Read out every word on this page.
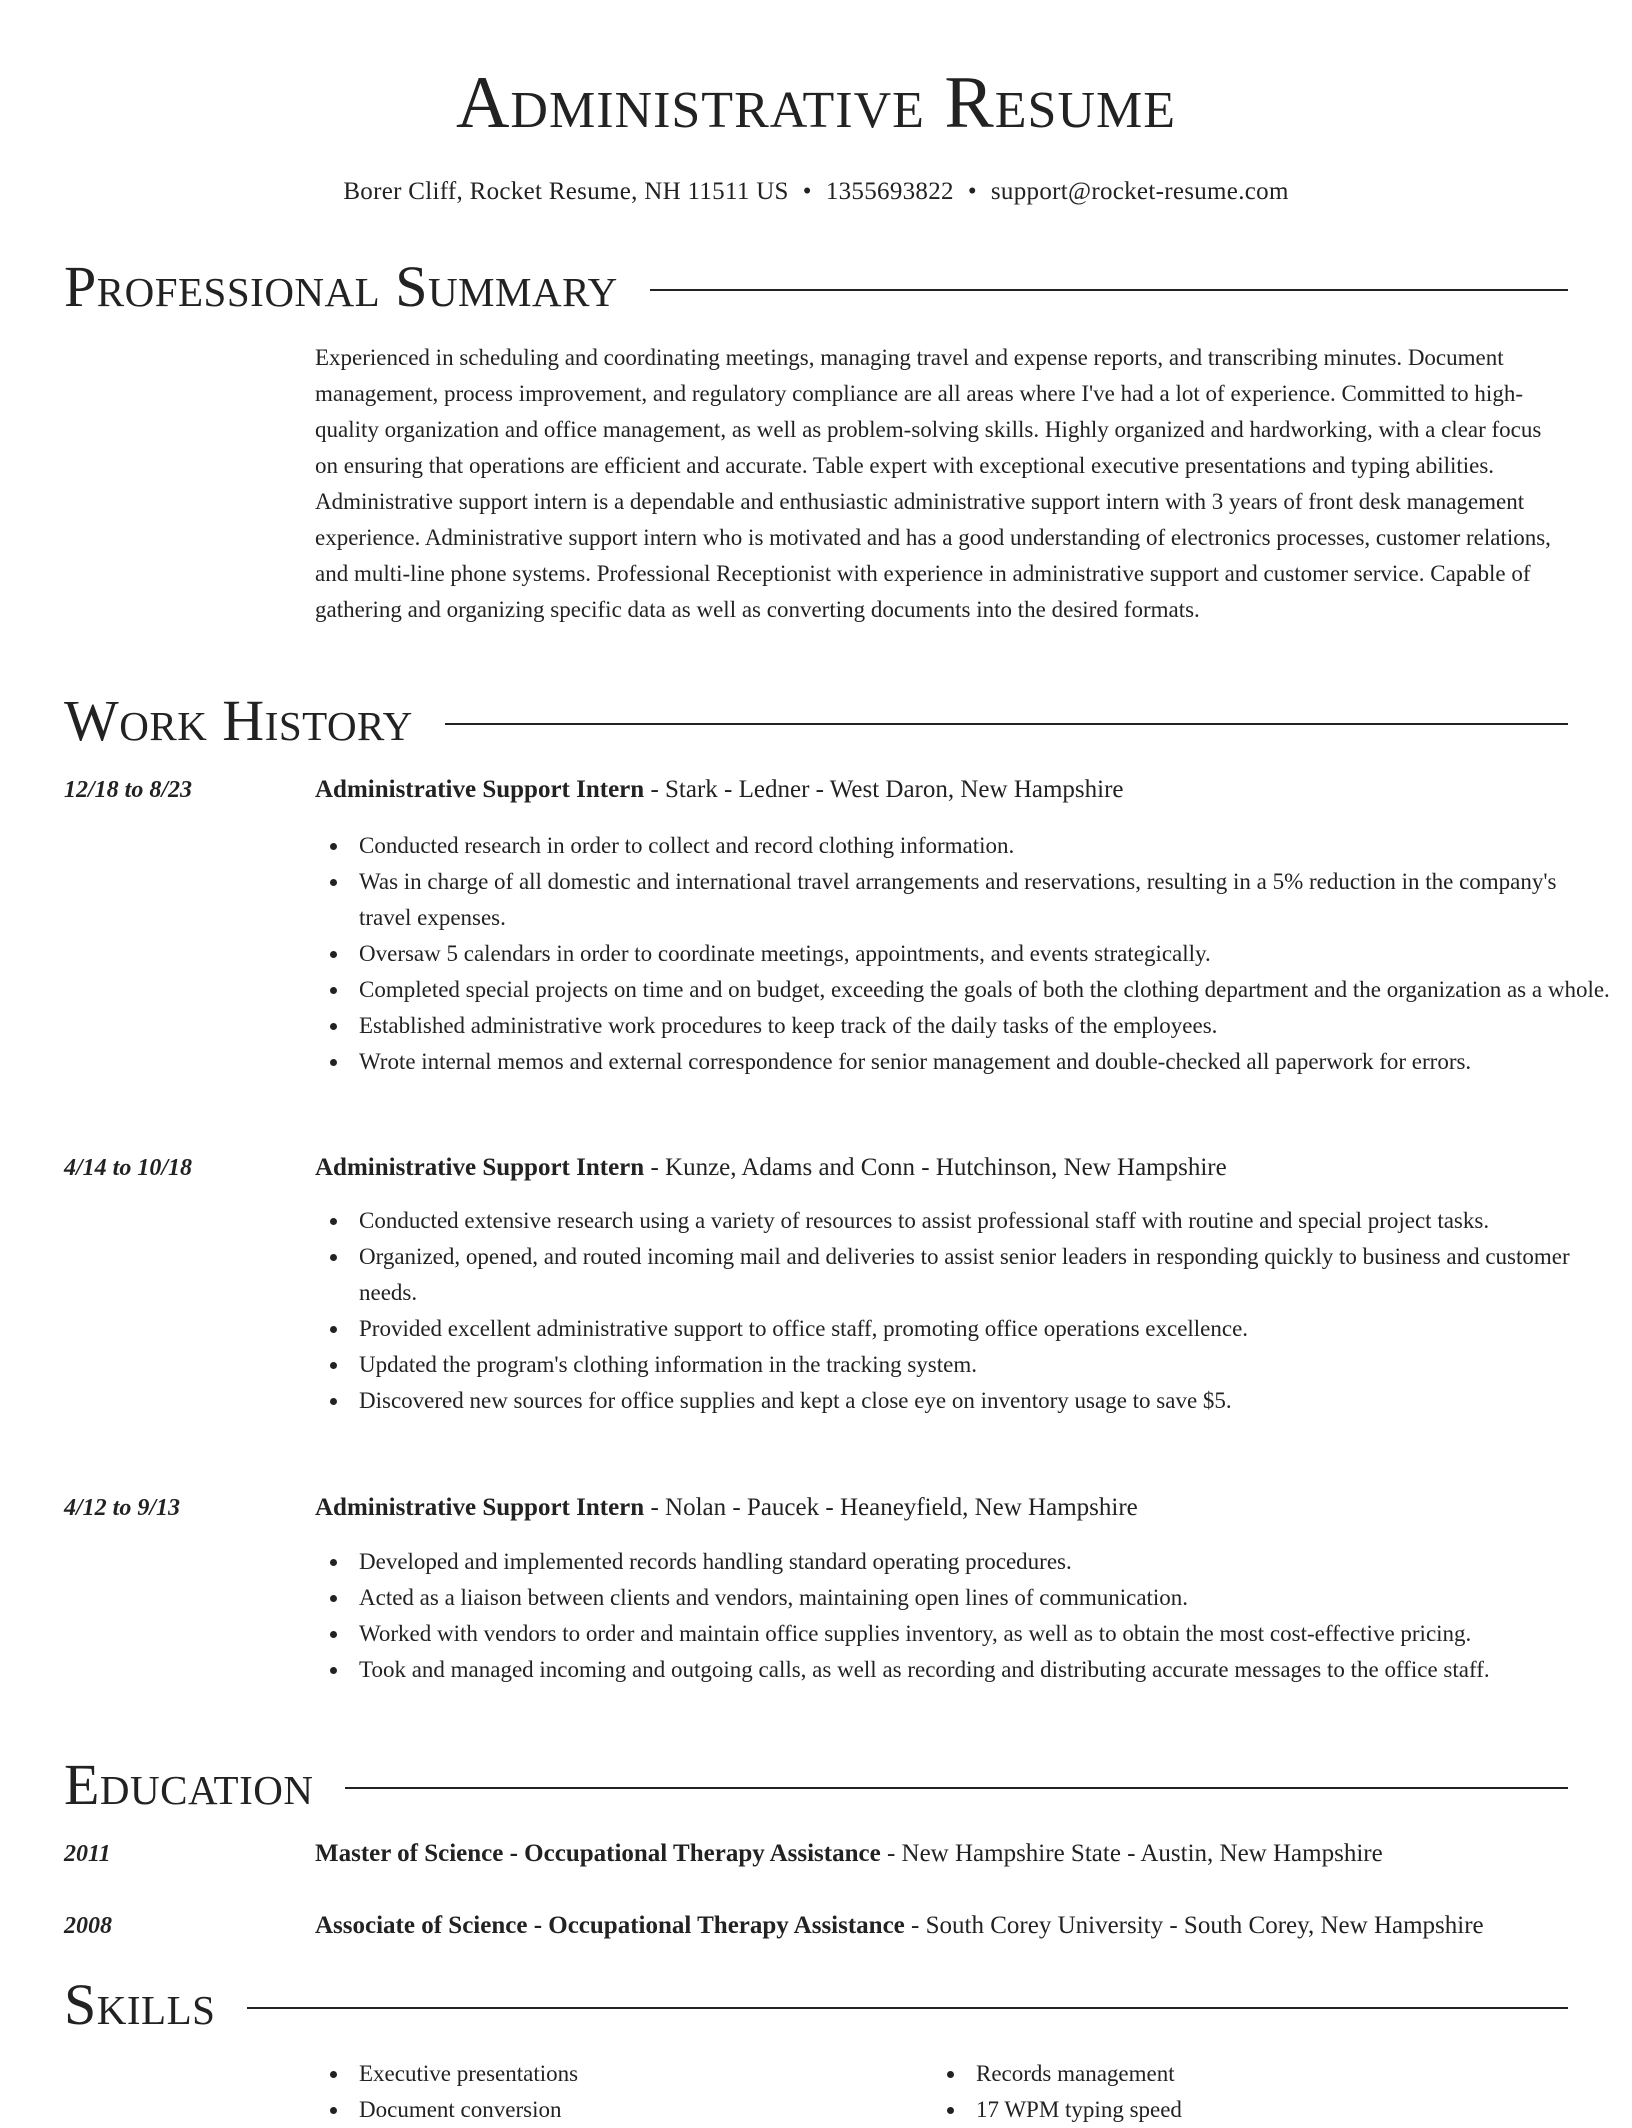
Administrative Resume
Borer Cliff, Rocket Resume, NH 11511 US • 1355693822 • support@rocket-resume.com
Professional Summary

Experienced in scheduling and coordinating meetings, managing travel and expense reports, and transcribing minutes. Document management, process improvement, and regulatory compliance are all areas where I've had a lot of experience. Committed to high-quality organization and office management, as well as problem-solving skills. Highly organized and hardworking, with a clear focus on ensuring that operations are efficient and accurate. Table expert with exceptional executive presentations and typing abilities. Administrative support intern is a dependable and enthusiastic administrative support intern with 3 years of front desk management experience. Administrative support intern who is motivated and has a good understanding of electronics processes, customer relations, and multi-line phone systems. Professional Receptionist with experience in administrative support and customer service. Capable of gathering and organizing specific data as well as converting documents into the desired formats.

Work History
12/18 to 8/23	Administrative Support Intern - Stark - Ledner - West Daron, New Hampshire
Conducted research in order to collect and record clothing information.
Was in charge of all domestic and international travel arrangements and reservations, resulting in a 5% reduction in the company's travel expenses.
Oversaw 5 calendars in order to coordinate meetings, appointments, and events strategically.
Completed special projects on time and on budget, exceeding the goals of both the clothing department and the organization as a whole.
Established administrative work procedures to keep track of the daily tasks of the employees.
Wrote internal memos and external correspondence for senior management and double-checked all paperwork for errors.
4/14 to 10/18	Administrative Support Intern - Kunze, Adams and Conn - Hutchinson, New Hampshire
Conducted extensive research using a variety of resources to assist professional staff with routine and special project tasks.
Organized, opened, and routed incoming mail and deliveries to assist senior leaders in responding quickly to business and customer needs.
Provided excellent administrative support to office staff, promoting office operations excellence.
Updated the program's clothing information in the tracking system.
Discovered new sources for office supplies and kept a close eye on inventory usage to save $5.
4/12 to 9/13	Administrative Support Intern - Nolan - Paucek - Heaneyfield, New Hampshire
Developed and implemented records handling standard operating procedures.
Acted as a liaison between clients and vendors, maintaining open lines of communication.
Worked with vendors to order and maintain office supplies inventory, as well as to obtain the most cost-effective pricing.
Took and managed incoming and outgoing calls, as well as recording and distributing accurate messages to the office staff.
Education
2011	Master of Science - Occupational Therapy Assistance - New Hampshire State - Austin, New Hampshire
2008	Associate of Science - Occupational Therapy Assistance - South Corey University - South Corey, New Hampshire
Skills
Executive presentations
Document conversion
Records management
17 WPM typing speed
